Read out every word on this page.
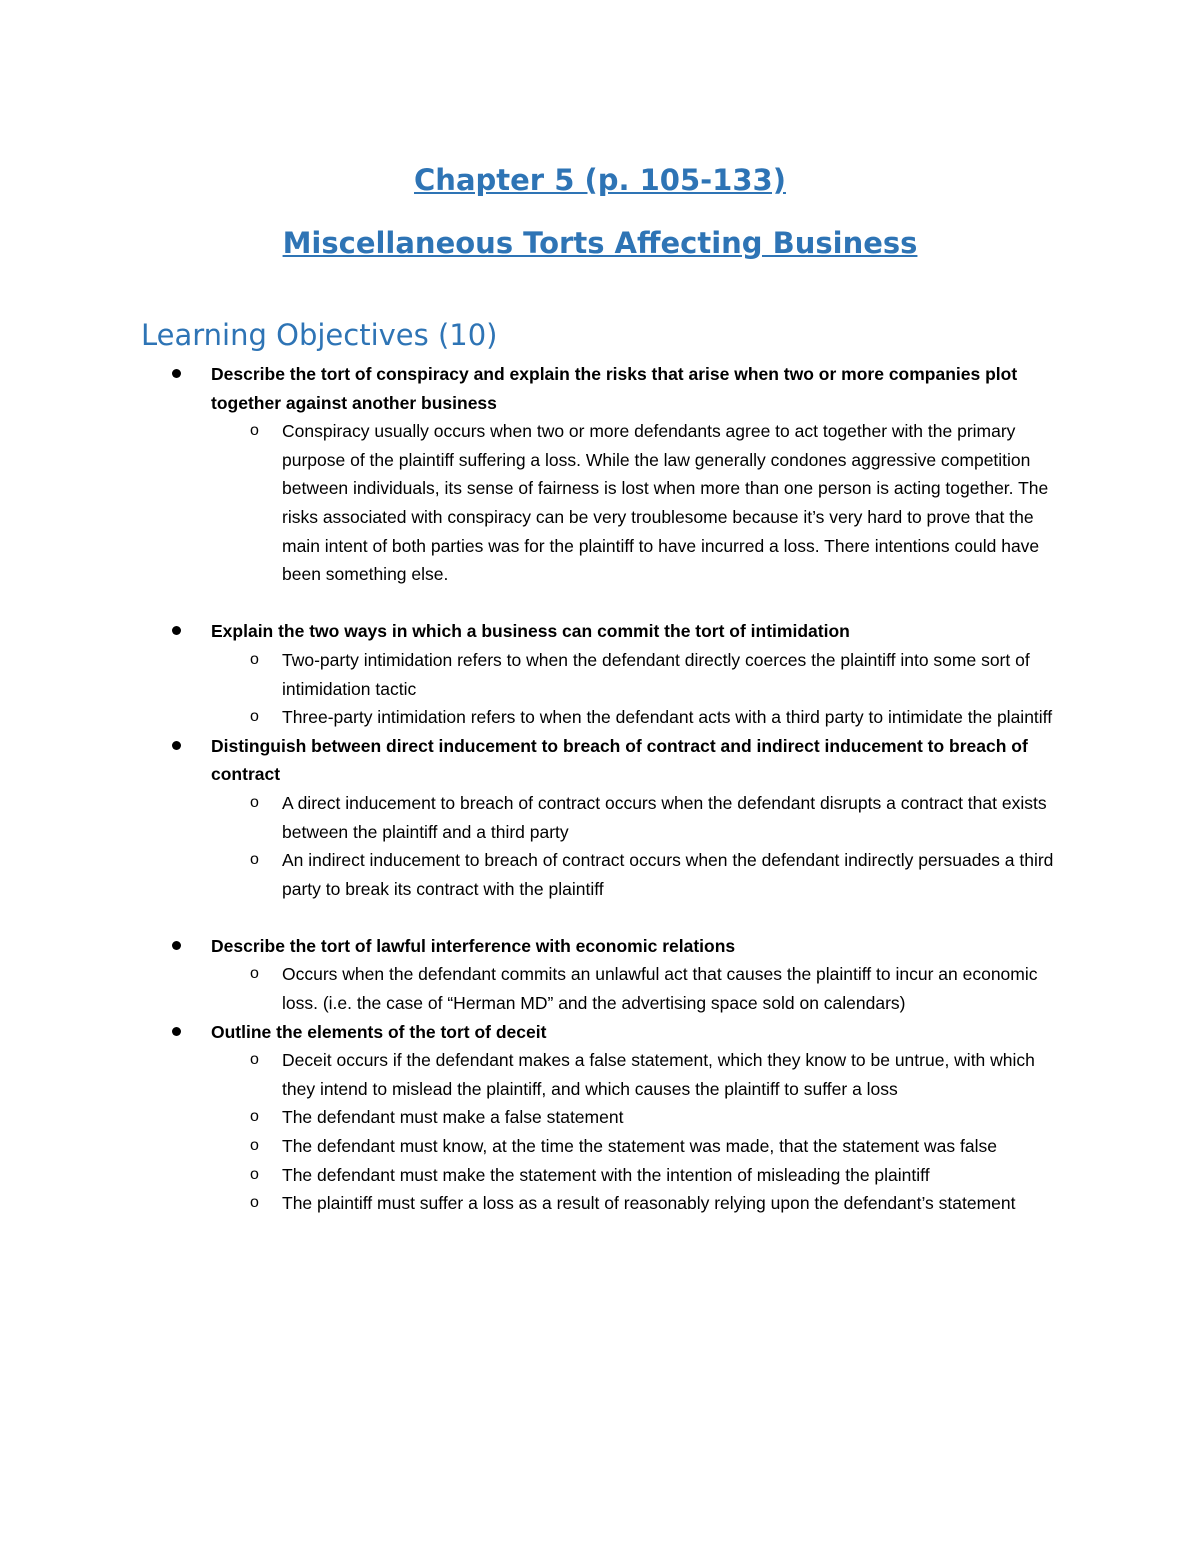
Chapter 5 (p. 105-133)
Miscellaneous Torts Affecting Business
Learning Objectives (10)
Describe the tort of conspiracy and explain the risks that arise when two or more companies plot together against another business
o Conspiracy usually occurs when two or more defendants agree to act together with the primary purpose of the plaintiff suffering a loss. While the law generally condones aggressive competition between individuals, its sense of fairness is lost when more than one person is acting together. The risks associated with conspiracy can be very troublesome because it’s very hard to prove that the main intent of both parties was for the plaintiff to have incurred a loss. There intentions could have been something else.
Explain the two ways in which a business can commit the tort of intimidation
o Two-party intimidation refers to when the defendant directly coerces the plaintiff into some sort of intimidation tactic
o Three-party intimidation refers to when the defendant acts with a third party to intimidate the plaintiff
Distinguish between direct inducement to breach of contract and indirect inducement to breach of contract
o A direct inducement to breach of contract occurs when the defendant disrupts a contract that exists between the plaintiff and a third party
o An indirect inducement to breach of contract occurs when the defendant indirectly persuades a third party to break its contract with the plaintiff
Describe the tort of lawful interference with economic relations
o Occurs when the defendant commits an unlawful act that causes the plaintiff to incur an economic loss. (i.e. the case of “Herman MD” and the advertising space sold on calendars)
Outline the elements of the tort of deceit
o Deceit occurs if the defendant makes a false statement, which they know to be untrue, with which they intend to mislead the plaintiff, and which causes the plaintiff to suffer a loss
o The defendant must make a false statement
o The defendant must know, at the time the statement was made, that the statement was false
o The defendant must make the statement with the intention of misleading the plaintiff
o The plaintiff must suffer a loss as a result of reasonably relying upon the defendant’s statement
